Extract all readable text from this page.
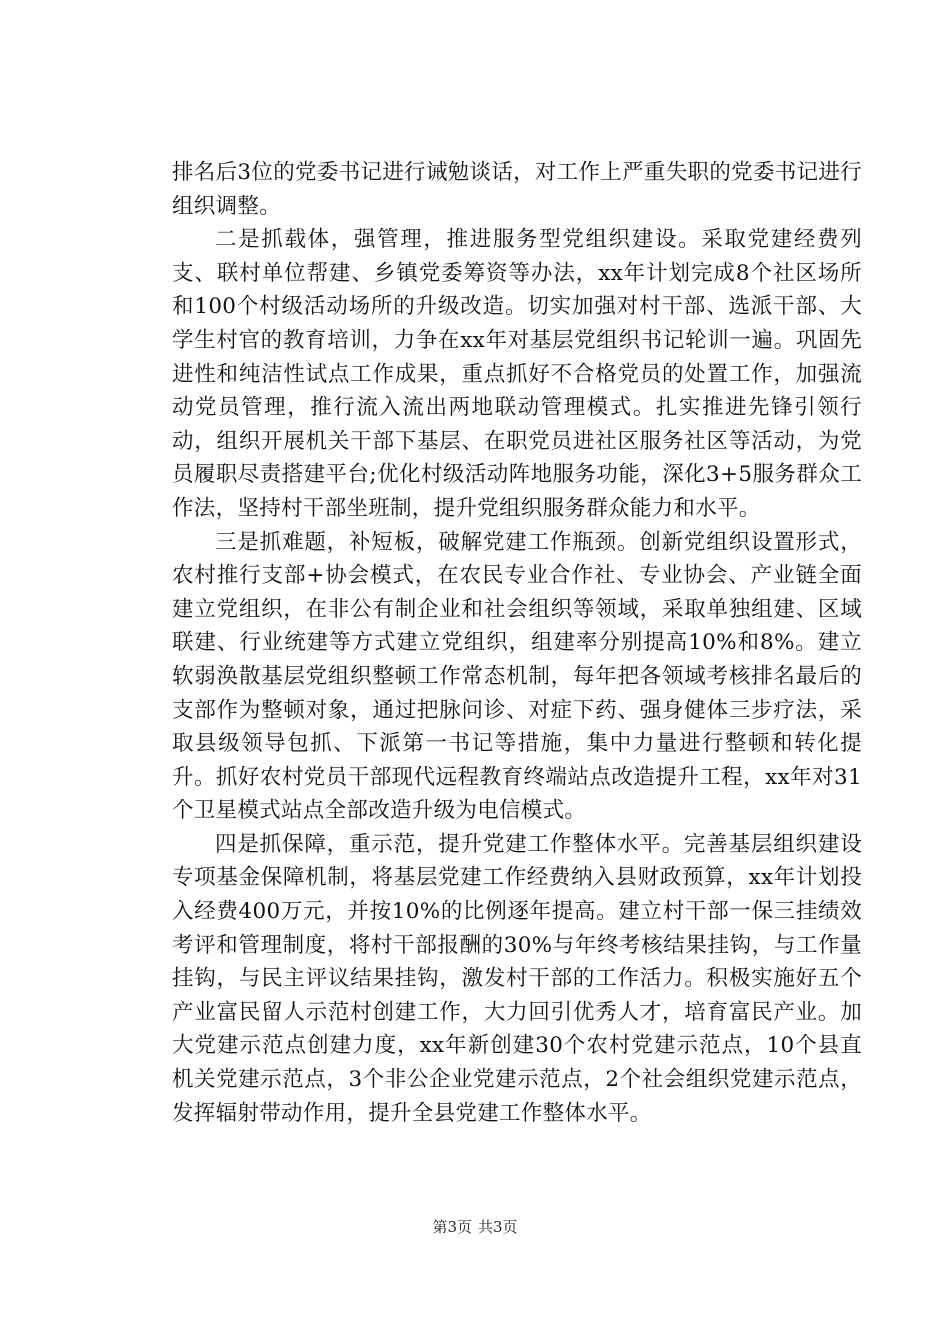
排名后3位的党委书记进行诫勉谈话，对工作上严重失职的党委书记进行组织调整。

二是抓载体，强管理，推进服务型党组织建设。采取党建经费列支、联村单位帮建、乡镇党委筹资等办法，xx年计划完成8个社区场所和100个村级活动场所的升级改造。切实加强对村干部、选派干部、大学生村官的教育培训，力争在xx年对基层党组织书记轮训一遍。巩固先进性和纯洁性试点工作成果，重点抓好不合格党员的处置工作，加强流动党员管理，推行流入流出两地联动管理模式。扎实推进先锋引领行动，组织开展机关干部下基层、在职党员进社区服务社区等活动，为党员履职尽责搭建平台;优化村级活动阵地服务功能，深化3+5服务群众工作法，坚持村干部坐班制，提升党组织服务群众能力和水平。

三是抓难题，补短板，破解党建工作瓶颈。创新党组织设置形式，农村推行支部+协会模式，在农民专业合作社、专业协会、产业链全面建立党组织，在非公有制企业和社会组织等领域，采取单独组建、区域联建、行业统建等方式建立党组织，组建率分别提高10%和8%。建立软弱涣散基层党组织整顿工作常态机制，每年把各领域考核排名最后的支部作为整顿对象，通过把脉问诊、对症下药、强身健体三步疗法，采取县级领导包抓、下派第一书记等措施，集中力量进行整顿和转化提升。抓好农村党员干部现代远程教育终端站点改造提升工程，xx年对31个卫星模式站点全部改造升级为电信模式。

四是抓保障，重示范，提升党建工作整体水平。完善基层组织建设专项基金保障机制，将基层党建工作经费纳入县财政预算，xx年计划投入经费400万元，并按10%的比例逐年提高。建立村干部一保三挂绩效考评和管理制度，将村干部报酬的30%与年终考核结果挂钩，与工作量挂钩，与民主评议结果挂钩，激发村干部的工作活力。积极实施好五个产业富民留人示范村创建工作，大力回引优秀人才，培育富民产业。加大党建示范点创建力度，xx年新创建30个农村党建示范点，10个县直机关党建示范点，3个非公企业党建示范点，2个社会组织党建示范点，发挥辐射带动作用，提升全县党建工作整体水平。

第3页 共3页
